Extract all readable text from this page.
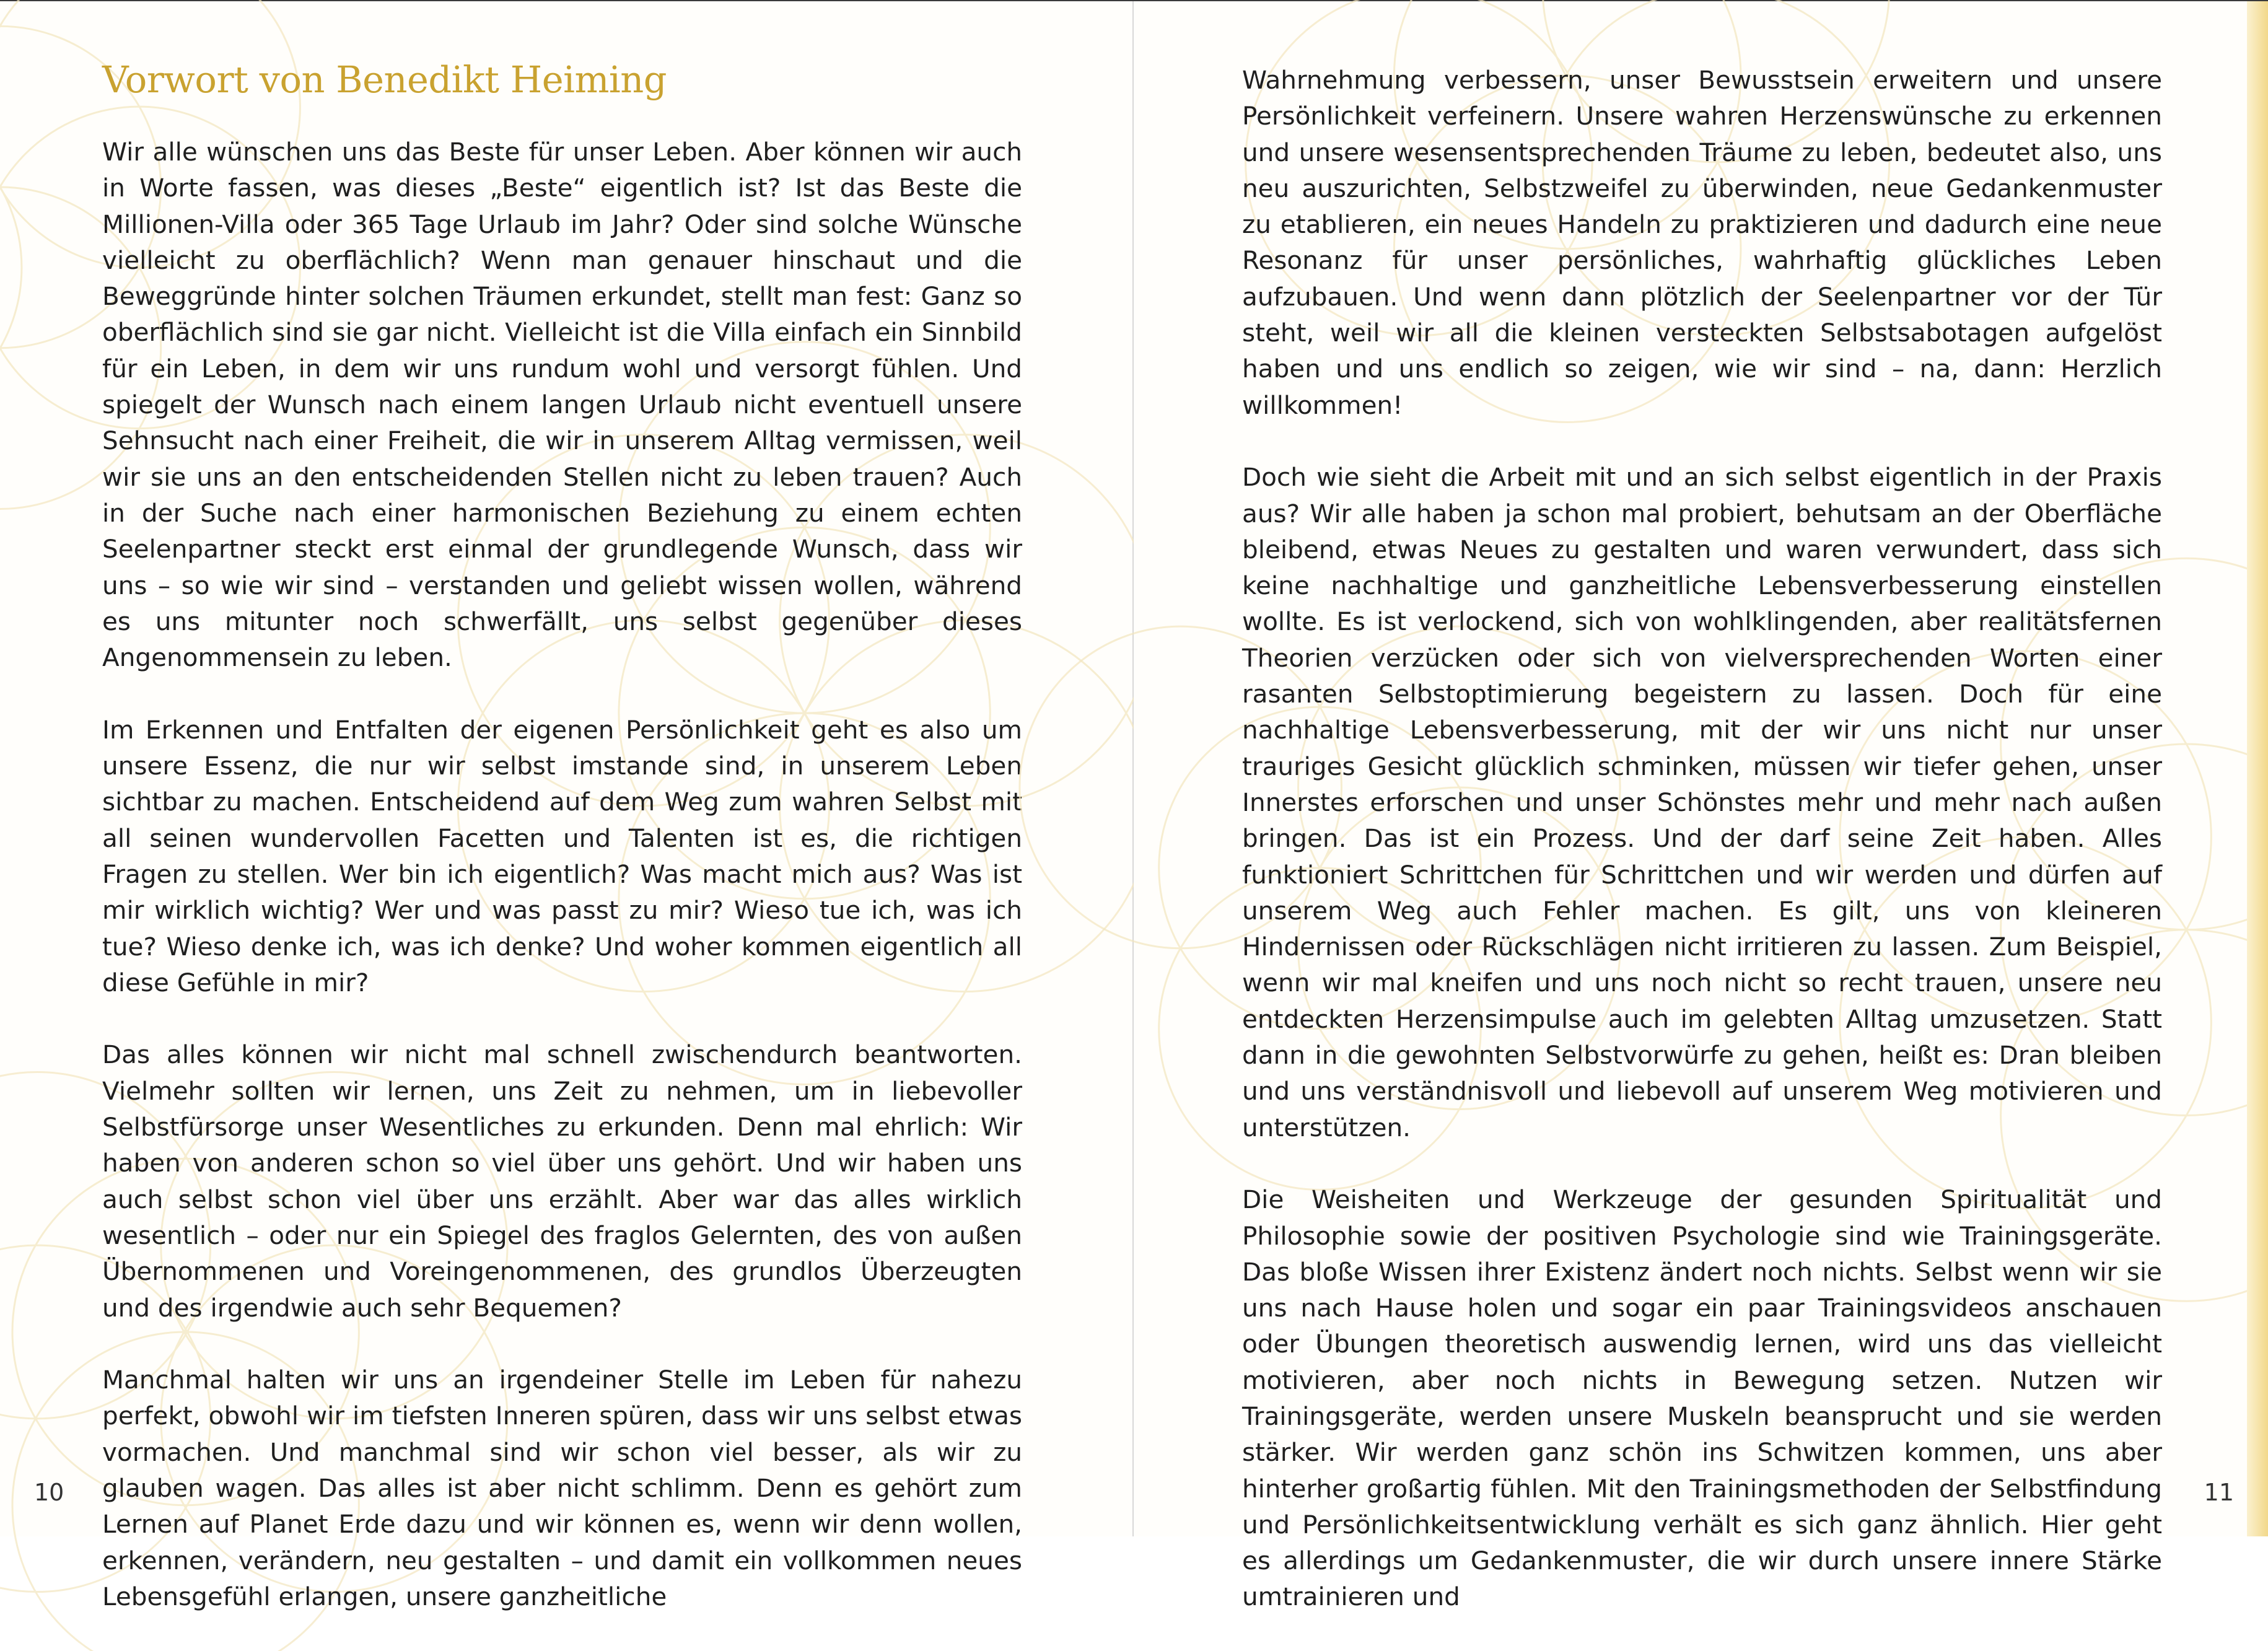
Vorwort von Benedikt Heiming

Wir alle wünschen uns das Beste für unser Leben. Aber können wir auch in Worte fassen, was dieses „Beste“ eigentlich ist? Ist das Beste die Millionen-Villa oder 365 Tage Urlaub im Jahr? Oder sind solche Wünsche vielleicht zu oberflächlich? Wenn man genauer hinschaut und die Beweggründe hinter solchen Träumen erkundet, stellt man fest: Ganz so oberflächlich sind sie gar nicht. Vielleicht ist die Villa einfach ein Sinnbild für ein Leben, in dem wir uns rundum wohl und versorgt fühlen. Und spiegelt der Wunsch nach einem langen Urlaub nicht eventuell unsere Sehnsucht nach einer Freiheit, die wir in unserem Alltag vermissen, weil wir sie uns an den entscheidenden Stellen nicht zu leben trauen? Auch in der Suche nach einer harmonischen Beziehung zu einem echten Seelenpartner steckt erst einmal der grundlegende Wunsch, dass wir uns – so wie wir sind – verstanden und geliebt wissen wollen, während es uns mitunter noch schwerfällt, uns selbst gegenüber dieses Angenommensein zu leben.

Im Erkennen und Entfalten der eigenen Persönlichkeit geht es also um unsere Essenz, die nur wir selbst imstande sind, in unserem Leben sichtbar zu machen. Entscheidend auf dem Weg zum wahren Selbst mit all seinen wundervollen Facetten und Talenten ist es, die richtigen Fragen zu stellen. Wer bin ich eigentlich? Was macht mich aus? Was ist mir wirklich wichtig? Wer und was passt zu mir? Wieso tue ich, was ich tue? Wieso denke ich, was ich denke? Und woher kommen eigentlich all diese Gefühle in mir?

Das alles können wir nicht mal schnell zwischendurch beantworten. Vielmehr sollten wir lernen, uns Zeit zu nehmen, um in liebevoller Selbstfürsorge unser Wesentliches zu erkunden. Denn mal ehrlich: Wir haben von anderen schon so viel über uns gehört. Und wir haben uns auch selbst schon viel über uns erzählt. Aber war das alles wirklich wesentlich – oder nur ein Spiegel des fraglos Gelernten, des von außen Übernommenen und Voreingenommenen, des grundlos Überzeugten und des irgendwie auch sehr Bequemen?

Manchmal halten wir uns an irgendeiner Stelle im Leben für nahezu perfekt, obwohl wir im tiefsten Inneren spüren, dass wir uns selbst etwas vormachen. Und manchmal sind wir schon viel besser, als wir zu glauben wagen. Das alles ist aber nicht schlimm. Denn es gehört zum Lernen auf Planet Erde dazu und wir können es, wenn wir denn wollen, erkennen, verändern, neu gestalten – und damit ein vollkommen neues Lebensgefühl erlangen, unsere ganzheitliche

10

Wahrnehmung verbessern, unser Bewusstsein erweitern und unsere Persönlichkeit verfeinern. Unsere wahren Herzenswünsche zu erkennen und unsere wesensentsprechenden Träume zu leben, bedeutet also, uns neu auszurichten, Selbstzweifel zu überwinden, neue Gedankenmuster zu etablieren, ein neues Handeln zu praktizieren und dadurch eine neue Resonanz für unser persönliches, wahrhaftig glückliches Leben aufzubauen. Und wenn dann plötzlich der Seelenpartner vor der Tür steht, weil wir all die kleinen versteckten Selbstsabotagen aufgelöst haben und uns endlich so zeigen, wie wir sind – na, dann: Herzlich willkommen!

Doch wie sieht die Arbeit mit und an sich selbst eigentlich in der Praxis aus? Wir alle haben ja schon mal probiert, behutsam an der Oberfläche bleibend, etwas Neues zu gestalten und waren verwundert, dass sich keine nachhaltige und ganzheitliche Lebensverbesserung einstellen wollte. Es ist verlockend, sich von wohlklingenden, aber realitätsfernen Theorien verzücken oder sich von vielversprechenden Worten einer rasanten Selbstoptimierung begeistern zu lassen. Doch für eine nachhaltige Lebensverbesserung, mit der wir uns nicht nur unser trauriges Gesicht glücklich schminken, müssen wir tiefer gehen, unser Innerstes erforschen und unser Schönstes mehr und mehr nach außen bringen. Das ist ein Prozess. Und der darf seine Zeit haben. Alles funktioniert Schrittchen für Schrittchen und wir werden und dürfen auf unserem Weg auch Fehler machen. Es gilt, uns von kleineren Hindernissen oder Rückschlägen nicht irritieren zu lassen. Zum Beispiel, wenn wir mal kneifen und uns noch nicht so recht trauen, unsere neu entdeckten Herzensimpulse auch im gelebten Alltag umzusetzen. Statt dann in die gewohnten Selbstvorwürfe zu gehen, heißt es: Dran bleiben und uns verständnisvoll und liebevoll auf unserem Weg motivieren und unterstützen.

Die Weisheiten und Werkzeuge der gesunden Spiritualität und Philosophie sowie der positiven Psychologie sind wie Trainingsgeräte. Das bloße Wissen ihrer Existenz ändert noch nichts. Selbst wenn wir sie uns nach Hause holen und sogar ein paar Trainingsvideos anschauen oder Übungen theoretisch auswendig lernen, wird uns das vielleicht motivieren, aber noch nichts in Bewegung setzen. Nutzen wir Trainingsgeräte, werden unsere Muskeln beansprucht und sie werden stärker. Wir werden ganz schön ins Schwitzen kommen, uns aber hinterher großartig fühlen. Mit den Trainingsmethoden der Selbstfindung und Persönlichkeitsentwicklung verhält es sich ganz ähnlich. Hier geht es allerdings um Gedankenmuster, die wir durch unsere innere Stärke umtrainieren und

11
